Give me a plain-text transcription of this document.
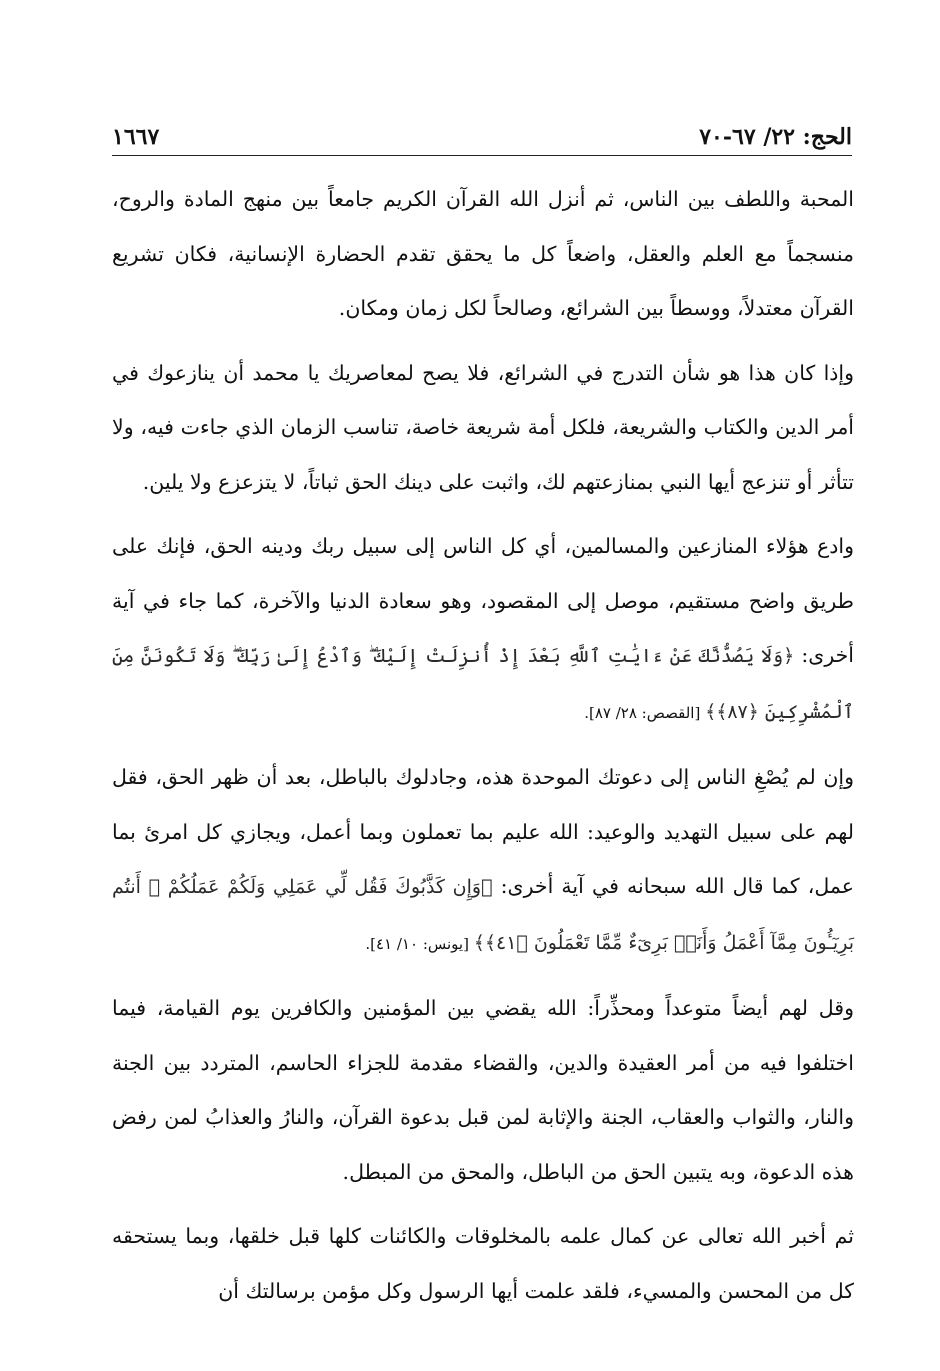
الحج: ٢٢/ ٦٧-٧٠
١٦٦٧

المحبة واللطف بين الناس، ثم أنزل الله القرآن الكريم جامعاً بين منهج المادة والروح، منسجماً مع العلم والعقل، واضعاً كل ما يحقق تقدم الحضارة الإنسانية، فكان تشريع القرآن معتدلاً، ووسطاً بين الشرائع، وصالحاً لكل زمان ومكان.

وإذا كان هذا هو شأن التدرج في الشرائع، فلا يصح لمعاصريك يا محمد أن ينازعوك في أمر الدين والكتاب والشريعة، فلكل أمة شريعة خاصة، تناسب الزمان الذي جاءت فيه، ولا تتأثر أو تنزعج أيها النبي بمنازعتهم لك، واثبت على دينك الحق ثباتاً، لا يتزعزع ولا يلين.

وادع هؤلاء المنازعين والمسالمين، أي كل الناس إلى سبيل ربك ودينه الحق، فإنك على طريق واضح مستقيم، موصل إلى المقصود، وهو سعادة الدنيا والآخرة، كما جاء في آية أخرى: ﴿وَلَا يَصُدُّنَّكَ عَنْ ءَايَٰتِ ٱللَّهِ بَعْدَ إِذْ أُنزِلَتْ إِلَيْكَ ۖ وَٱدْعُ إِلَىٰ رَبِّكَ ۖ وَلَا تَكُونَنَّ مِنَ ٱلْمُشْرِكِينَ ﴿٨٧﴾﴾ [القصص: ٢٨/ ٨٧].

وإن لم يُصْغِ الناس إلى دعوتك الموحدة هذه، وجادلوك بالباطل، بعد أن ظهر الحق، فقل لهم على سبيل التهديد والوعيد: الله عليم بما تعملون وبما أعمل، ويجازي كل امرئ بما عمل، كما قال الله سبحانه في آية أخرى: ﴿وَإِن كَذَّبُوكَ فَقُل لِّي عَمَلِي وَلَكُمْ عَمَلُكُمْ ۖ أَنتُم بَرِيٓـُٔونَ مِمَّآ أَعْمَلُ وَأَنَا۠ بَرِىٓءٌ مِّمَّا تَعْمَلُونَ ﴿٤١﴾﴾ [يونس: ١٠/ ٤١].

وقل لهم أيضاً متوعداً ومحذِّراً: الله يقضي بين المؤمنين والكافرين يوم القيامة، فيما اختلفوا فيه من أمر العقيدة والدين، والقضاء مقدمة للجزاء الحاسم، المتردد بين الجنة والنار، والثواب والعقاب، الجنة والإثابة لمن قبل بدعوة القرآن، والنارُ والعذابُ لمن رفض هذه الدعوة، وبه يتبين الحق من الباطل، والمحق من المبطل.

ثم أخبر الله تعالى عن كمال علمه بالمخلوقات والكائنات كلها قبل خلقها، وبما يستحقه كل من المحسن والمسيء، فلقد علمت أيها الرسول وكل مؤمن برسالتك أن
